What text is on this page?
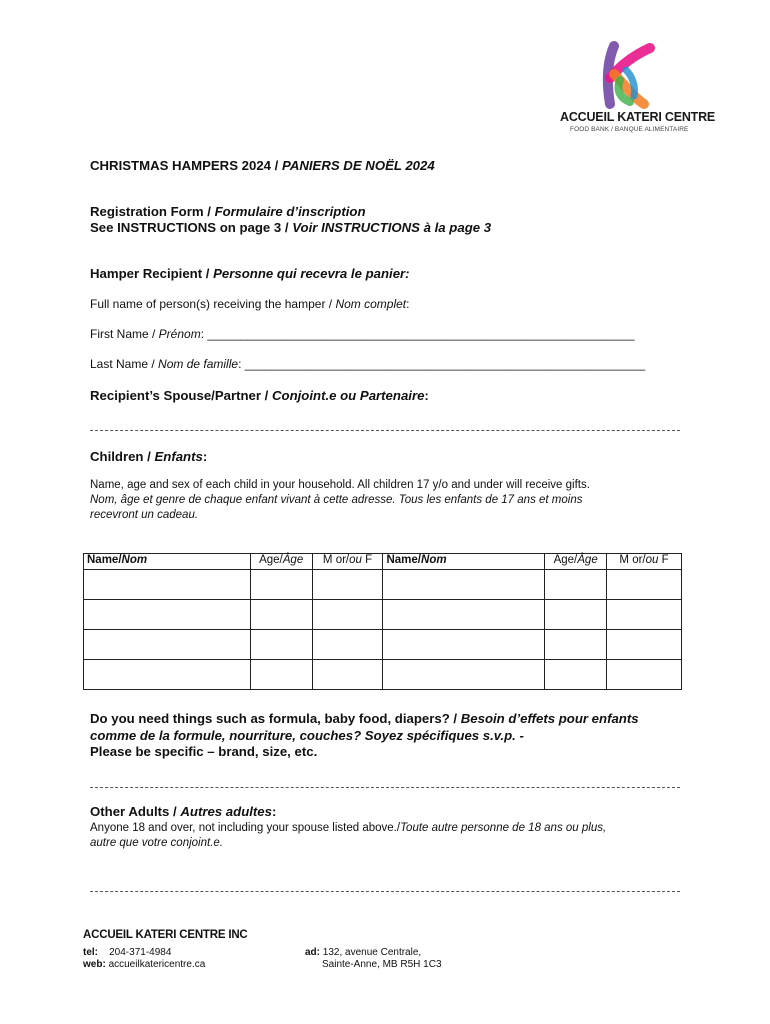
ACCUEIL KATERI CENTRE
FOOD BANK / BANQUE ALIMENTAIRE
CHRISTMAS HAMPERS 2024 / PANIERS DE NOËL 2024
Registration Form / Formulaire d’inscription
See INSTRUCTIONS on page 3 / Voir INSTRUCTIONS à la page 3
Hamper Recipient / Personne qui recevra le panier:
Full name of person(s) receiving the hamper / Nom complet:
First Name / Prénom: ________________________________________________________________
Last Name / Nom de famille: ____________________________________________________________
Recipient’s Spouse/Partner / Conjoint.e ou Partenaire:
Children / Enfants:
Name, age and sex of each child in your household. All children 17 y/o and under will receive gifts.
Nom, âge et genre de chaque enfant vivant à cette adresse. Tous les enfants de 17 ans et moins
recevront un cadeau.
Name/Nom	Age/Âge	M or/ou F	Name/Nom	Age/Âge	M or/ou F

Do you need things such as formula, baby food, diapers? / Besoin d’effets pour enfants
comme de la formule, nourriture, couches? Soyez spécifiques s.v.p. -
Please be specific – brand, size, etc.
Other Adults / Autres adultes:
Anyone 18 and over, not including your spouse listed above./Toute autre personne de 18 ans ou plus,
autre que votre conjoint.e.
ACCUEIL KATERI CENTRE INC
tel: 204-371-4984
web: accueilkatericentre.ca
ad: 132, avenue Centrale,
Sainte-Anne, MB R5H 1C3
